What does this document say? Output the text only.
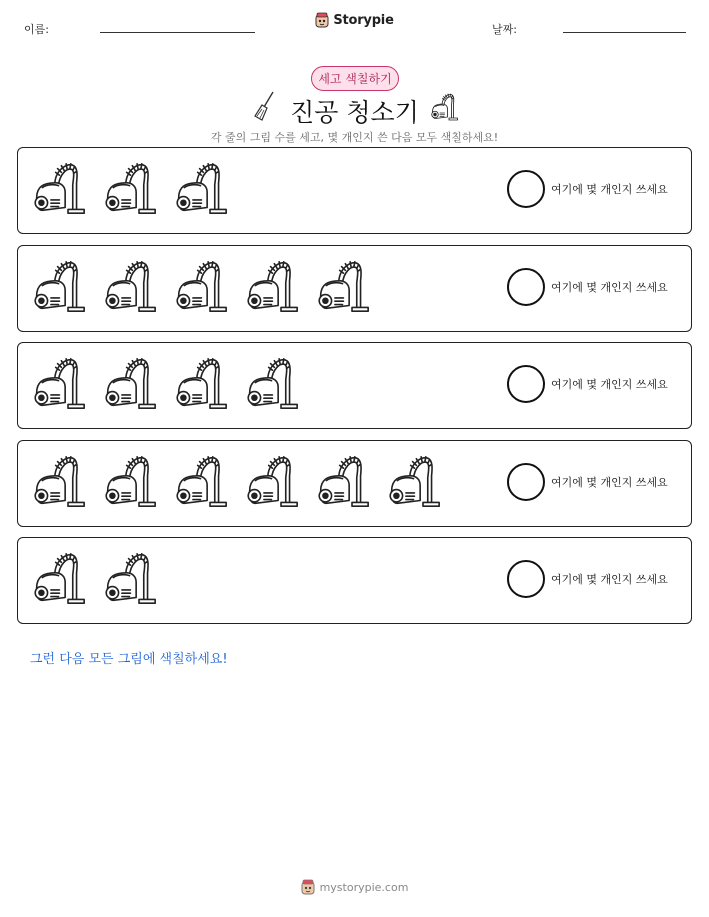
이름:
Storypie
날짜:
세고 색칠하기
진공 청소기
각 줄의 그림 수를 세고, 몇 개인지 쓴 다음 모두 색칠하세요!
여기에 몇 개인지 쓰세요
여기에 몇 개인지 쓰세요
여기에 몇 개인지 쓰세요
여기에 몇 개인지 쓰세요
여기에 몇 개인지 쓰세요
그런 다음 모든 그림에 색칠하세요!
mystorypie.com
